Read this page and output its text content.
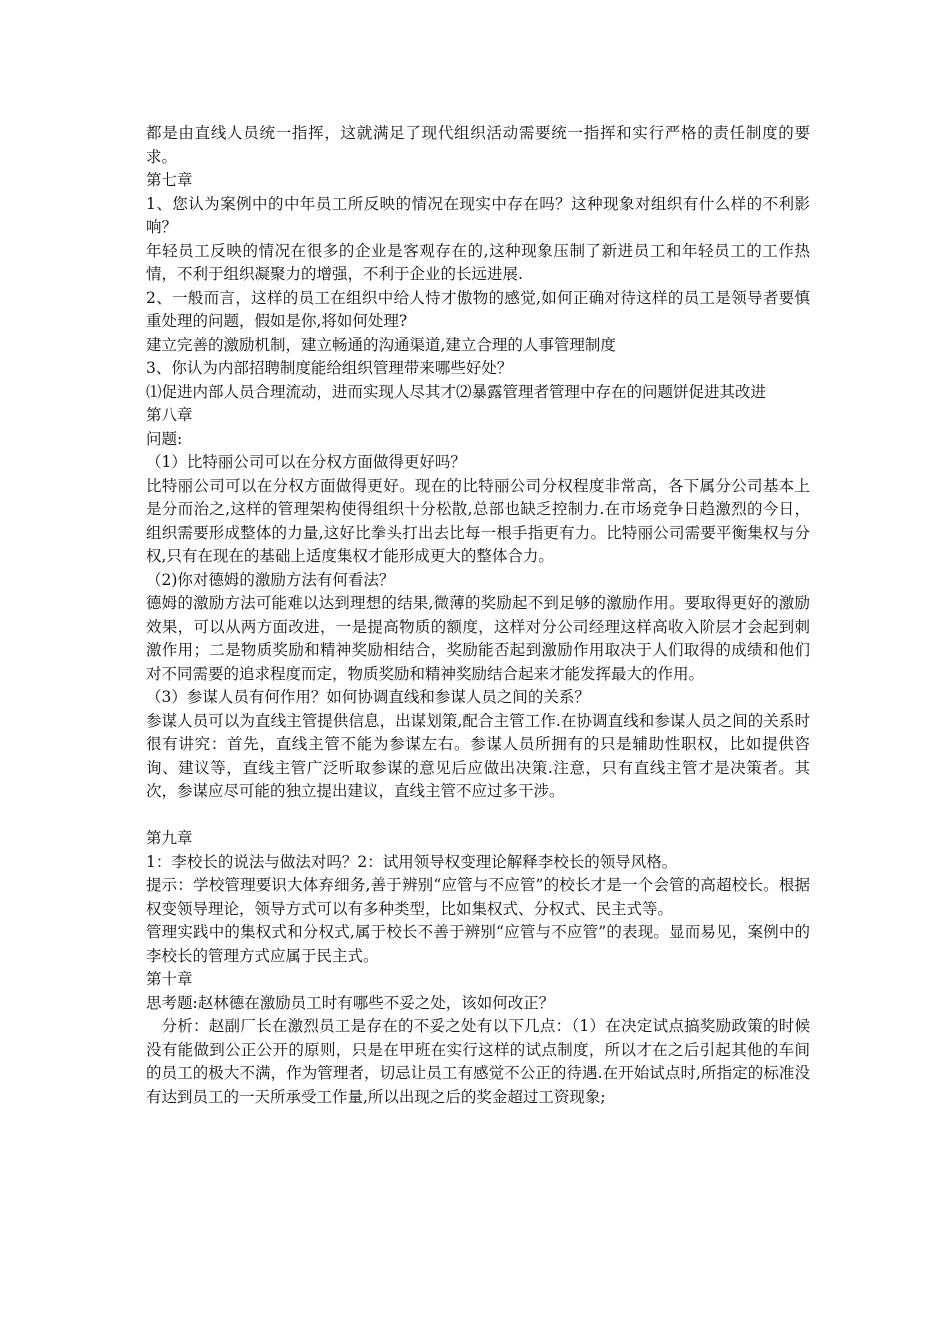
都是由直线人员统一指挥，这就满足了现代组织活动需要统一指挥和实行严格的责任制度的要求。

第七章

1、您认为案例中的中年员工所反映的情况在现实中存在吗？这种现象对组织有什么样的不利影响？

年轻员工反映的情况在很多的企业是客观存在的,这种现象压制了新进员工和年轻员工的工作热情，不利于组织凝聚力的增强，不利于企业的长远进展.

2、一般而言，这样的员工在组织中给人恃才傲物的感觉,如何正确对待这样的员工是领导者要慎重处理的问题，假如是你,将如何处理?

建立完善的激励机制，建立畅通的沟通渠道,建立合理的人事管理制度

3、你认为内部招聘制度能给组织管理带来哪些好处？

⑴促进内部人员合理流动，进而实现人尽其才⑵暴露管理者管理中存在的问题饼促进其改进

第八章

问题:

（1）比特丽公司可以在分权方面做得更好吗？

比特丽公司可以在分权方面做得更好。现在的比特丽公司分权程度非常高，各下属分公司基本上是分而治之,这样的管理架构使得组织十分松散,总部也缺乏控制力.在市场竞争日趋激烈的今日，组织需要形成整体的力量,这好比拳头打出去比每一根手指更有力。比特丽公司需要平衡集权与分权,只有在现在的基础上适度集权才能形成更大的整体合力。

（2)你对德姆的激励方法有何看法？

德姆的激励方法可能难以达到理想的结果,微薄的奖励起不到足够的激励作用。要取得更好的激励效果，可以从两方面改进，一是提高物质的额度，这样对分公司经理这样高收入阶层才会起到刺激作用；二是物质奖励和精神奖励相结合，奖励能否起到激励作用取决于人们取得的成绩和他们对不同需要的追求程度而定，物质奖励和精神奖励结合起来才能发挥最大的作用。

（3）参谋人员有何作用？如何协调直线和参谋人员之间的关系？

参谋人员可以为直线主管提供信息，出谋划策,配合主管工作.在协调直线和参谋人员之间的关系时很有讲究：首先，直线主管不能为参谋左右。参谋人员所拥有的只是辅助性职权，比如提供咨询、建议等，直线主管广泛听取参谋的意见后应做出决策.注意，只有直线主管才是决策者。其次，参谋应尽可能的独立提出建议，直线主管不应过多干涉。

第九章

1：李校长的说法与做法对吗？2：试用领导权变理论解释李校长的领导风格。

提示：学校管理要识大体弃细务,善于辨别“应管与不应管”的校长才是一个会管的高超校长。根据权变领导理论，领导方式可以有多种类型，比如集权式、分权式、民主式等。

管理实践中的集权式和分权式,属于校长不善于辨别“应管与不应管”的表现。显而易见，案例中的李校长的管理方式应属于民主式。

第十章

思考题:赵林德在激励员工时有哪些不妥之处，该如何改正？

分析：赵副厂长在激烈员工是存在的不妥之处有以下几点：（1）在决定试点搞奖励政策的时候没有能做到公正公开的原则，只是在甲班在实行这样的试点制度，所以才在之后引起其他的车间的员工的极大不满，作为管理者，切忌让员工有感觉不公正的待遇.在开始试点时,所指定的标准没有达到员工的一天所承受工作量,所以出现之后的奖金超过工资现象;
